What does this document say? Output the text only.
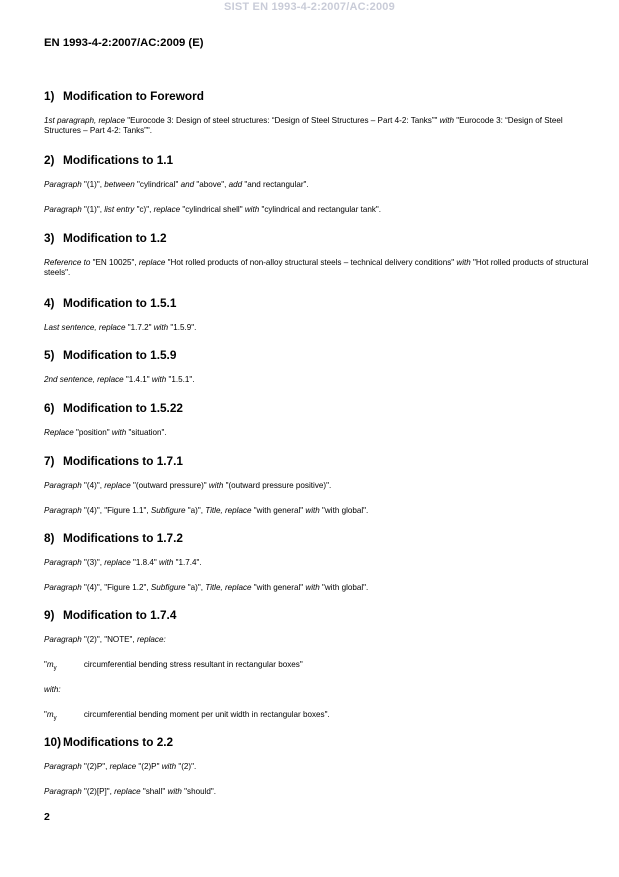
SIST EN 1993-4-2:2007/AC:2009
EN 1993-4-2:2007/AC:2009 (E)
1) Modification to Foreword
1st paragraph, replace "Eurocode 3: Design of steel structures: “Design of Steel Structures – Part 4-2: Tanks”" with "Eurocode 3: “Design of Steel Structures – Part 4-2: Tanks”".
2) Modifications to 1.1
Paragraph "(1)", between "cylindrical" and "above", add "and rectangular".
Paragraph "(1)", list entry "c)", replace "cylindrical shell" with "cylindrical and rectangular tank".
3) Modification to 1.2
Reference to "EN 10025", replace "Hot rolled products of non-alloy structural steels – technical delivery conditions" with "Hot rolled products of structural steels".
4) Modification to 1.5.1
Last sentence, replace "1.7.2" with "1.5.9".
5) Modification to 1.5.9
2nd sentence, replace "1.4.1" with "1.5.1".
6) Modification to 1.5.22
Replace "position" with "situation".
7) Modifications to 1.7.1
Paragraph "(4)", replace "(outward pressure)" with "(outward pressure positive)".
Paragraph "(4)", "Figure 1.1", Subfigure "a)", Title, replace "with general" with "with global".
8) Modifications to 1.7.2
Paragraph "(3)", replace "1.8.4" with "1.7.4".
Paragraph "(4)", "Figure 1.2", Subfigure "a)", Title, replace "with general" with "with global".
9) Modification to 1.7.4
Paragraph "(2)", "NOTE", replace:
"$m_y$	circumferential bending stress resultant in rectangular boxes"
with:
"$m_y$	circumferential bending moment per unit width in rectangular boxes".
10) Modifications to 2.2
Paragraph "(2)P", replace "(2)P" with "(2)".
Paragraph "(2)[P]", replace "shall" with "should".
2
